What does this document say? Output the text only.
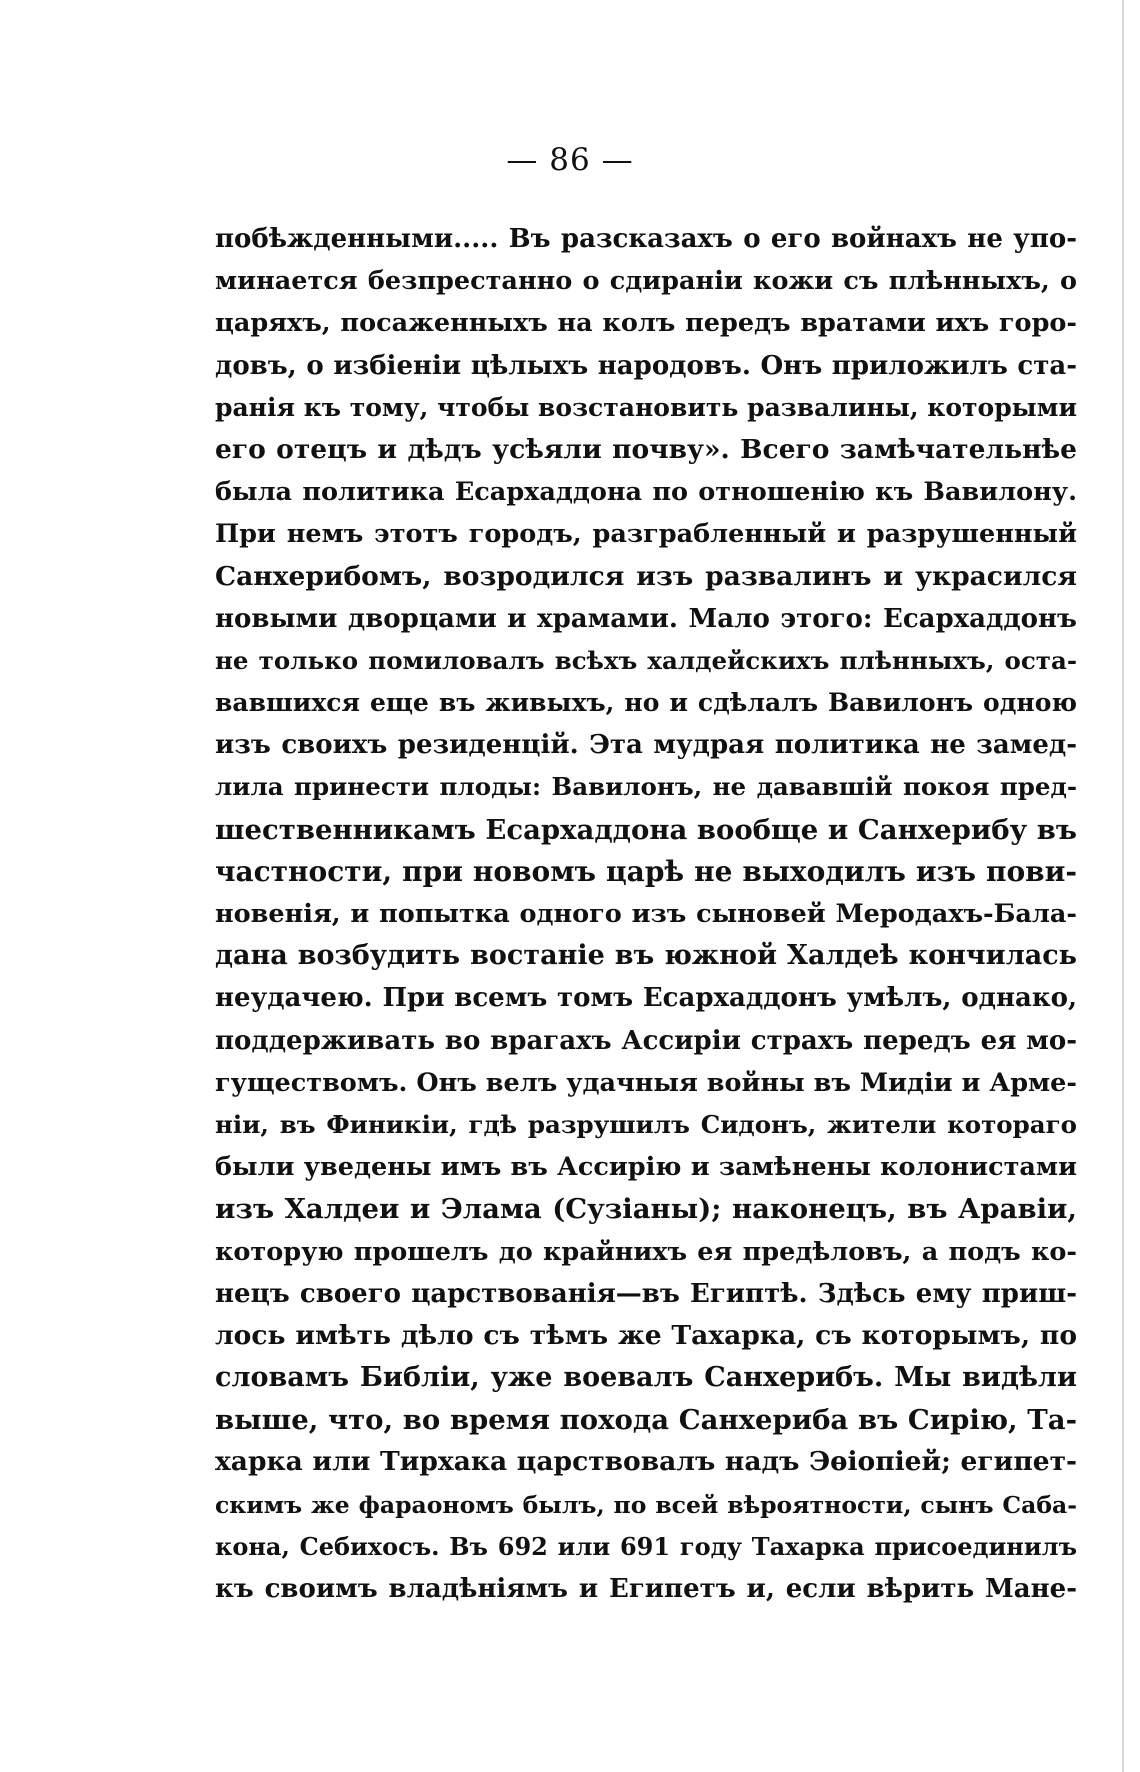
— 86 —
побѣжденными..... Въ разсказахъ о его войнахъ не упо-
минается безпрестанно о сдираніи кожи съ плѣнныхъ, о
царяхъ, посаженныхъ на колъ передъ вратами ихъ горо-
довъ, о избіеніи цѣлыхъ народовъ. Онъ приложилъ ста-
ранія къ тому, чтобы возстановить развалины, которыми
его отецъ и дѣдъ усѣяли почву». Всего замѣчательнѣе
была политика Есархаддона по отношенію къ Вавилону.
При немъ этотъ городъ, разграбленный и разрушенный
Санхерибомъ, возродился изъ развалинъ и украсился
новыми дворцами и храмами. Мало этого: Есархаддонъ
не только помиловалъ всѣхъ халдейскихъ плѣнныхъ, оста-
вавшихся еще въ живыхъ, но и сдѣлалъ Вавилонъ одною
изъ своихъ резиденцій. Эта мудрая политика не замед-
лила принести плоды: Вавилонъ, не дававшій покоя пред-
шественникамъ Есархаддона вообще и Санхерибу въ
частности, при новомъ царѣ не выходилъ изъ пови-
новенія, и попытка одного изъ сыновей Меродахъ-Бала-
дана возбудить востаніе въ южной Халдеѣ кончилась
неудачею. При всемъ томъ Есархаддонъ умѣлъ, однако,
поддерживать во врагахъ Ассиріи страхъ передъ ея мо-
гуществомъ. Онъ велъ удачныя войны въ Мидіи и Арме-
ніи, въ Финикіи, гдѣ разрушилъ Сидонъ, жители котораго
были уведены имъ въ Ассирію и замѣнены колонистами
изъ Халдеи и Элама (Сузіаны); наконецъ, въ Аравіи,
которую прошелъ до крайнихъ ея предѣловъ, а подъ ко-
нецъ своего царствованія—въ Египтѣ. Здѣсь ему приш-
лось имѣть дѣло съ тѣмъ же Тахарка, съ которымъ, по
словамъ Библіи, уже воевалъ Санхерибъ. Мы видѣли
выше, что, во время похода Санхериба въ Сирію, Та-
харка или Тирхака царствовалъ надъ Эѳіопіей; египет-
скимъ же фараономъ былъ, по всей вѣроятности, сынъ Саба-
кона, Себихосъ. Въ 692 или 691 году Тахарка присоединилъ
къ своимъ владѣніямъ и Египетъ и, если вѣрить Мане-
